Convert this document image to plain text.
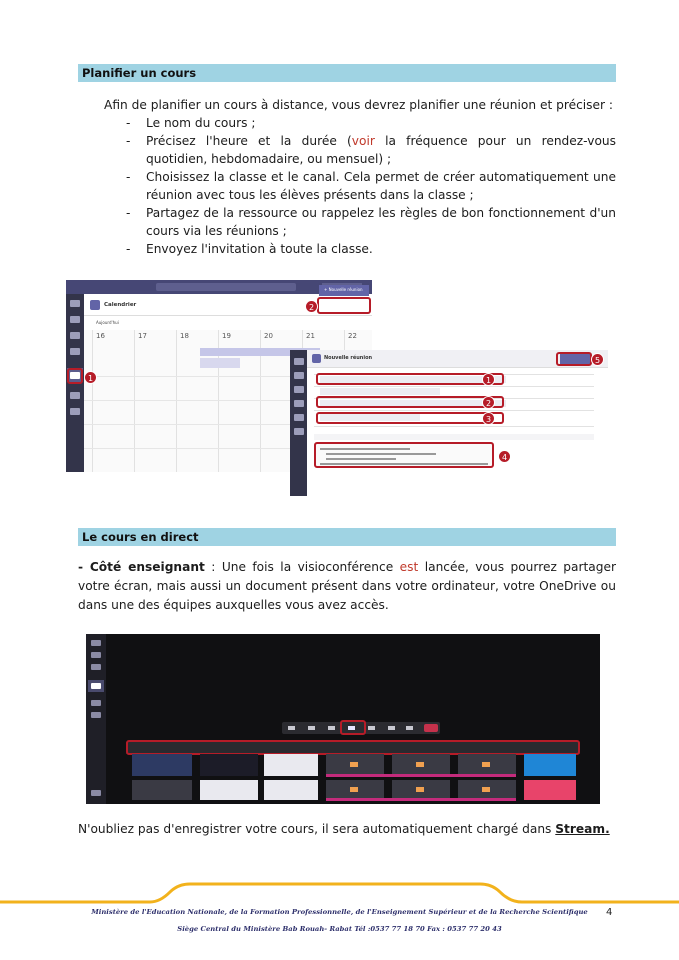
Planifier un cours

Afin de planifier un cours à distance, vous devrez planifier une réunion et préciser :

- Le nom du cours ;
- Précisez l'heure et la durée (voir la fréquence pour un rendez-vous quotidien, hebdomadaire, ou mensuel) ;
- Choisissez la classe et le canal. Cela permet de créer automatiquement une réunion avec tous les élèves présents dans la classe ;
- Partagez de la ressource ou rappelez les règles de bon fonctionnement d'un cours via les réunions ;
- Envoyez l'invitation à toute la classe.
Calendrier
+ Nouvelle réunion
Aujourd'hui
16	17	18	19	20	21	22
1
2
Nouvelle réunion
1
2
3
4
5
Le cours en direct

- Côté enseignant : Une fois la visioconférence est lancée, vous pourrez partager votre écran, mais aussi un document présent dans votre ordinateur, votre OneDrive ou dans une des équipes auxquelles vous avez accès.

N'oubliez pas d'enregistrer votre cours, il sera automatiquement chargé dans Stream.

Ministère de l'Education Nationale, de la Formation Professionnelle, de l'Enseignement Supérieur et de la Recherche Scientifique
Siège Central du Ministère Bab Rouah- Rabat Tél :0537 77 18 70 Fax : 0537 77 20 43
4
